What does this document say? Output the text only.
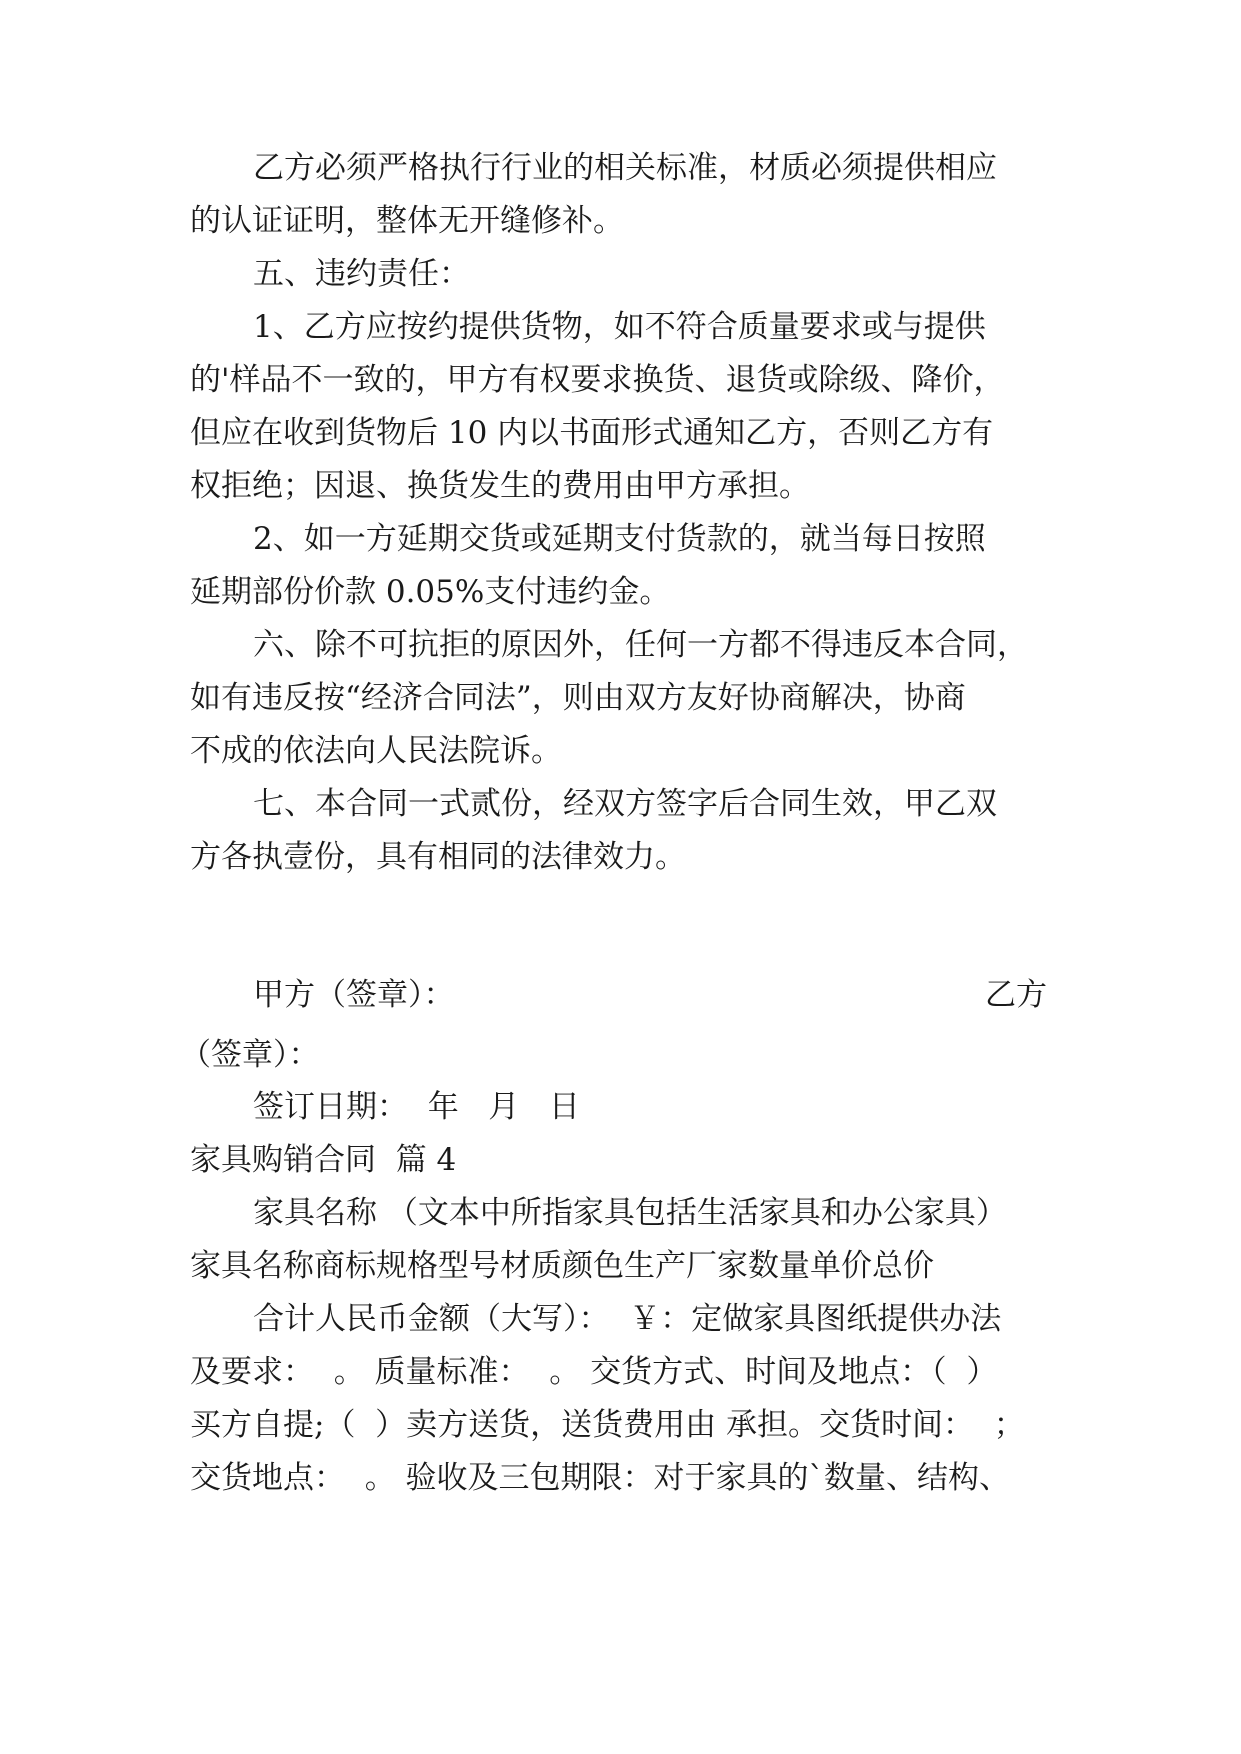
乙方必须严格执行行业的相关标准，材质必须提供相应

的认证证明，整体无开缝修补。

五、违约责任：

1、乙方应按约提供货物，如不符合质量要求或与提供

的'样品不一致的，甲方有权要求换货、退货或除级、降价，

但应在收到货物后 10 内以书面形式通知乙方，否则乙方有

权拒绝；因退、换货发生的费用由甲方承担。

2、如一方延期交货或延期支付货款的，就当每日按照

延期部份价款 0.05%支付违约金。

六、除不可抗拒的原因外，任何一方都不得违反本合同，

如有违反按“经济合同法”，则由双方友好协商解决，协商

不成的依法向人民法院诉。

七、本合同一式贰份，经双方签字后合同生效，甲乙双

方各执壹份，具有相同的法律效力。

甲方（签章）：	乙方

（签章）：

签订日期：  年   月   日

家具购销合同  篇 4

家具名称 （文本中所指家具包括生活家具和办公家具）

家具名称商标规格型号材质颜色生产厂家数量单价总价

合计人民币金额（大写）：  ￥：定做家具图纸提供办法

及要求：  。 质量标准：  。 交货方式、时间及地点：（  ）

买方自提;（  ）卖方送货，送货费用由 承担。交货时间：  ；

交货地点：  。 验收及三包期限：对于家具的`数量、结构、
